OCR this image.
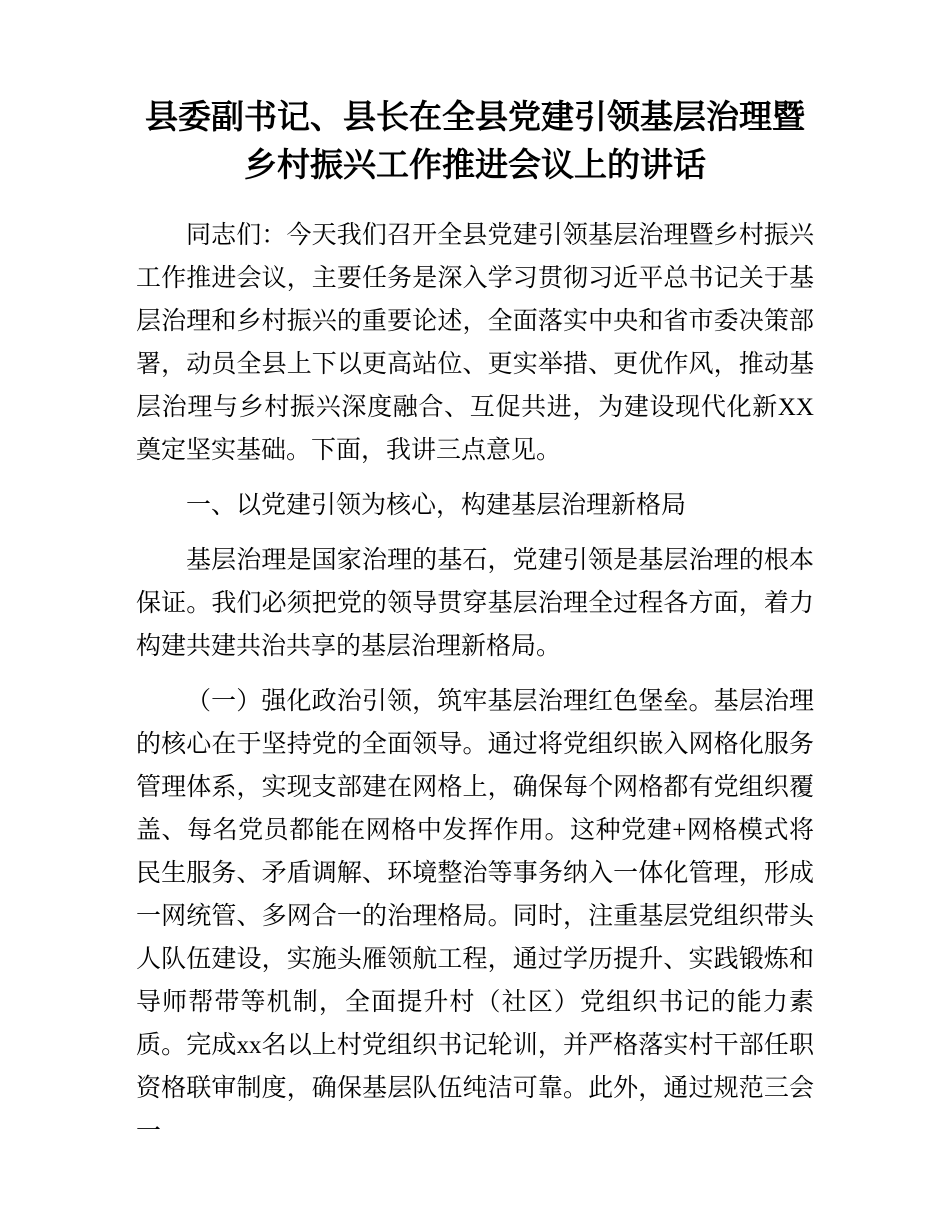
县委副书记、县长在全县党建引领基层治理暨乡村振兴工作推进会议上的讲话

同志们：今天我们召开全县党建引领基层治理暨乡村振兴工作推进会议，主要任务是深入学习贯彻习近平总书记关于基层治理和乡村振兴的重要论述，全面落实中央和省市委决策部署，动员全县上下以更高站位、更实举措、更优作风，推动基层治理与乡村振兴深度融合、互促共进，为建设现代化新XX奠定坚实基础。下面，我讲三点意见。

一、以党建引领为核心，构建基层治理新格局

基层治理是国家治理的基石，党建引领是基层治理的根本保证。我们必须把党的领导贯穿基层治理全过程各方面，着力构建共建共治共享的基层治理新格局。

（一）强化政治引领，筑牢基层治理红色堡垒。基层治理的核心在于坚持党的全面领导。通过将党组织嵌入网格化服务管理体系，实现支部建在网格上，确保每个网格都有党组织覆盖、每名党员都能在网格中发挥作用。这种党建+网格模式将民生服务、矛盾调解、环境整治等事务纳入一体化管理，形成一网统管、多网合一的治理格局。同时，注重基层党组织带头人队伍建设，实施头雁领航工程，通过学历提升、实践锻炼和导师帮带等机制，全面提升村（社区）党组织书记的能力素质。完成xx名以上村党组织书记轮训，并严格落实村干部任职资格联审制度，确保基层队伍纯洁可靠。此外，通过规范三会一
